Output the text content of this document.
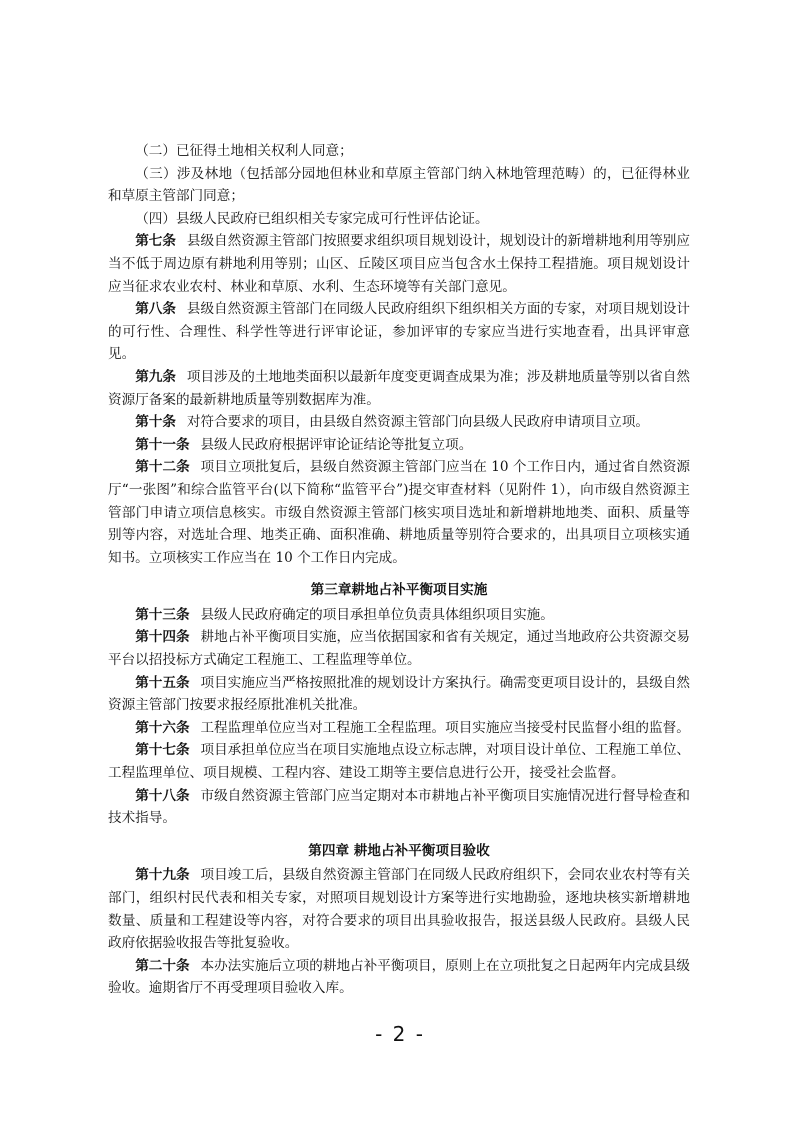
（二）已征得土地相关权利人同意；

（三）涉及林地（包括部分园地但林业和草原主管部门纳入林地管理范畴）的，已征得林业和草原主管部门同意；

（四）县级人民政府已组织相关专家完成可行性评估论证。

第七条 县级自然资源主管部门按照要求组织项目规划设计，规划设计的新增耕地利用等别应当不低于周边原有耕地利用等别；山区、丘陵区项目应当包含水土保持工程措施。项目规划设计应当征求农业农村、林业和草原、水利、生态环境等有关部门意见。

第八条 县级自然资源主管部门在同级人民政府组织下组织相关方面的专家，对项目规划设计的可行性、合理性、科学性等进行评审论证，参加评审的专家应当进行实地查看，出具评审意见。

第九条 项目涉及的土地地类面积以最新年度变更调查成果为准；涉及耕地质量等别以省自然资源厅备案的最新耕地质量等别数据库为准。

第十条 对符合要求的项目，由县级自然资源主管部门向县级人民政府申请项目立项。

第十一条 县级人民政府根据评审论证结论等批复立项。

第十二条 项目立项批复后，县级自然资源主管部门应当在 10 个工作日内，通过省自然资源厅“一张图”和综合监管平台(以下简称“监管平台”)提交审查材料（见附件 1），向市级自然资源主管部门申请立项信息核实。市级自然资源主管部门核实项目选址和新增耕地地类、面积、质量等别等内容，对选址合理、地类正确、面积准确、耕地质量等别符合要求的，出具项目立项核实通知书。立项核实工作应当在 10 个工作日内完成。

第三章耕地占补平衡项目实施

第十三条 县级人民政府确定的项目承担单位负责具体组织项目实施。

第十四条 耕地占补平衡项目实施，应当依据国家和省有关规定，通过当地政府公共资源交易平台以招投标方式确定工程施工、工程监理等单位。

第十五条 项目实施应当严格按照批准的规划设计方案执行。确需变更项目设计的，县级自然资源主管部门按要求报经原批准机关批准。

第十六条 工程监理单位应当对工程施工全程监理。项目实施应当接受村民监督小组的监督。

第十七条 项目承担单位应当在项目实施地点设立标志牌，对项目设计单位、工程施工单位、工程监理单位、项目规模、工程内容、建设工期等主要信息进行公开，接受社会监督。

第十八条 市级自然资源主管部门应当定期对本市耕地占补平衡项目实施情况进行督导检查和技术指导。

第四章 耕地占补平衡项目验收

第十九条 项目竣工后，县级自然资源主管部门在同级人民政府组织下，会同农业农村等有关部门，组织村民代表和相关专家，对照项目规划设计方案等进行实地勘验，逐地块核实新增耕地数量、质量和工程建设等内容，对符合要求的项目出具验收报告，报送县级人民政府。县级人民政府依据验收报告等批复验收。

第二十条 本办法实施后立项的耕地占补平衡项目，原则上在立项批复之日起两年内完成县级验收。逾期省厅不再受理项目验收入库。

- 2 -
